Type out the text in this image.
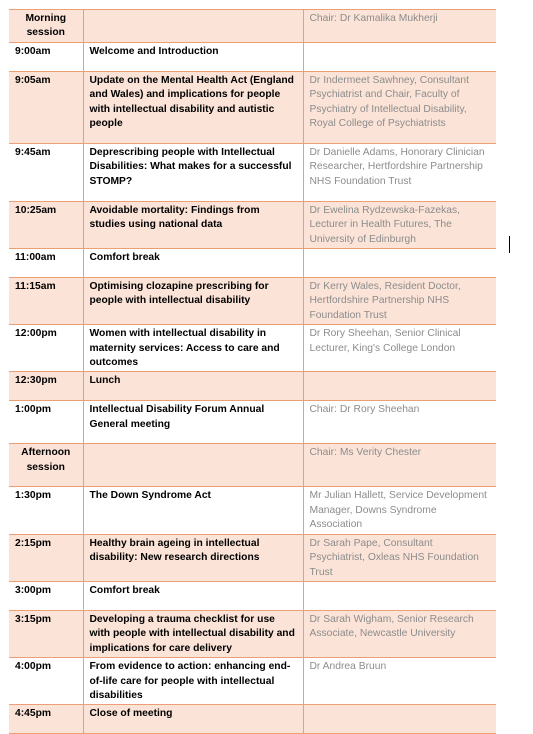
Morning session		Chair: Dr Kamalika Mukherji
9:00am	Welcome and Introduction	
9:05am	Update on the Mental Health Act (England and Wales) and implications for people with intellectual disability and autistic people	Dr Indermeet Sawhney, Consultant Psychiatrist and Chair, Faculty of Psychiatry of Intellectual Disability, Royal College of Psychiatrists
9:45am	Deprescribing people with Intellectual Disabilities: What makes for a successful STOMP?	Dr Danielle Adams, Honorary Clinician Researcher, Hertfordshire Partnership NHS Foundation Trust
10:25am	Avoidable mortality: Findings from studies using national data	Dr Ewelina Rydzewska-Fazekas, Lecturer in Health Futures, The University of Edinburgh
11:00am	Comfort break	
11:15am	Optimising clozapine prescribing for people with intellectual disability	Dr Kerry Wales, Resident Doctor, Hertfordshire Partnership NHS Foundation Trust
12:00pm	Women with intellectual disability in maternity services: Access to care and outcomes	Dr Rory Sheehan, Senior Clinical Lecturer, King's College London
12:30pm	Lunch	
1:00pm	Intellectual Disability Forum Annual General meeting	Chair: Dr Rory Sheehan
Afternoon session		Chair: Ms Verity Chester
1:30pm	The Down Syndrome Act	Mr Julian Hallett, Service Development Manager, Downs Syndrome Association
2:15pm	Healthy brain ageing in intellectual disability: New research directions	Dr Sarah Pape, Consultant Psychiatrist, Oxleas NHS Foundation Trust
3:00pm	Comfort break	
3:15pm	Developing a trauma checklist for use with people with intellectual disability and implications for care delivery	Dr Sarah Wigham, Senior Research Associate, Newcastle University
4:00pm	From evidence to action: enhancing end-of-life care for people with intellectual disabilities	Dr Andrea Bruun
4:45pm	Close of meeting	
